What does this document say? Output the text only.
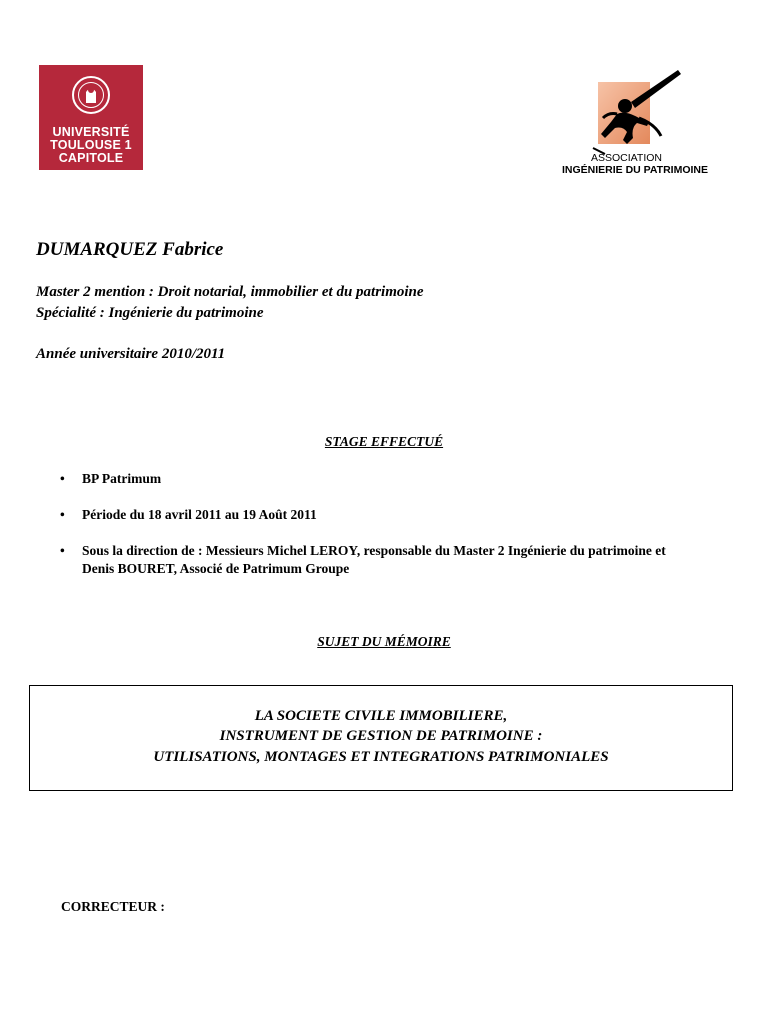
UNIVERSITÉ
TOULOUSE 1
CAPITOLE	ASSOCIATION
INGÉNIERIE DU PATRIMOINE
DUMARQUEZ Fabrice
Master 2 mention : Droit notarial, immobilier et du patrimoine
Spécialité : Ingénierie du patrimoine
Année universitaire 2010/2011
STAGE EFFECTUÉ
• BP Patrimum
• Période du 18 avril 2011 au 19 Août 2011
• Sous la direction de : Messieurs Michel LEROY, responsable du Master 2 Ingénierie du patrimoine et Denis BOURET, Associé de Patrimum Groupe
SUJET DU MÉMOIRE
LA SOCIETE CIVILE IMMOBILIERE,
INSTRUMENT DE GESTION DE PATRIMOINE :
UTILISATIONS, MONTAGES ET INTEGRATIONS PATRIMONIALES
CORRECTEUR :
